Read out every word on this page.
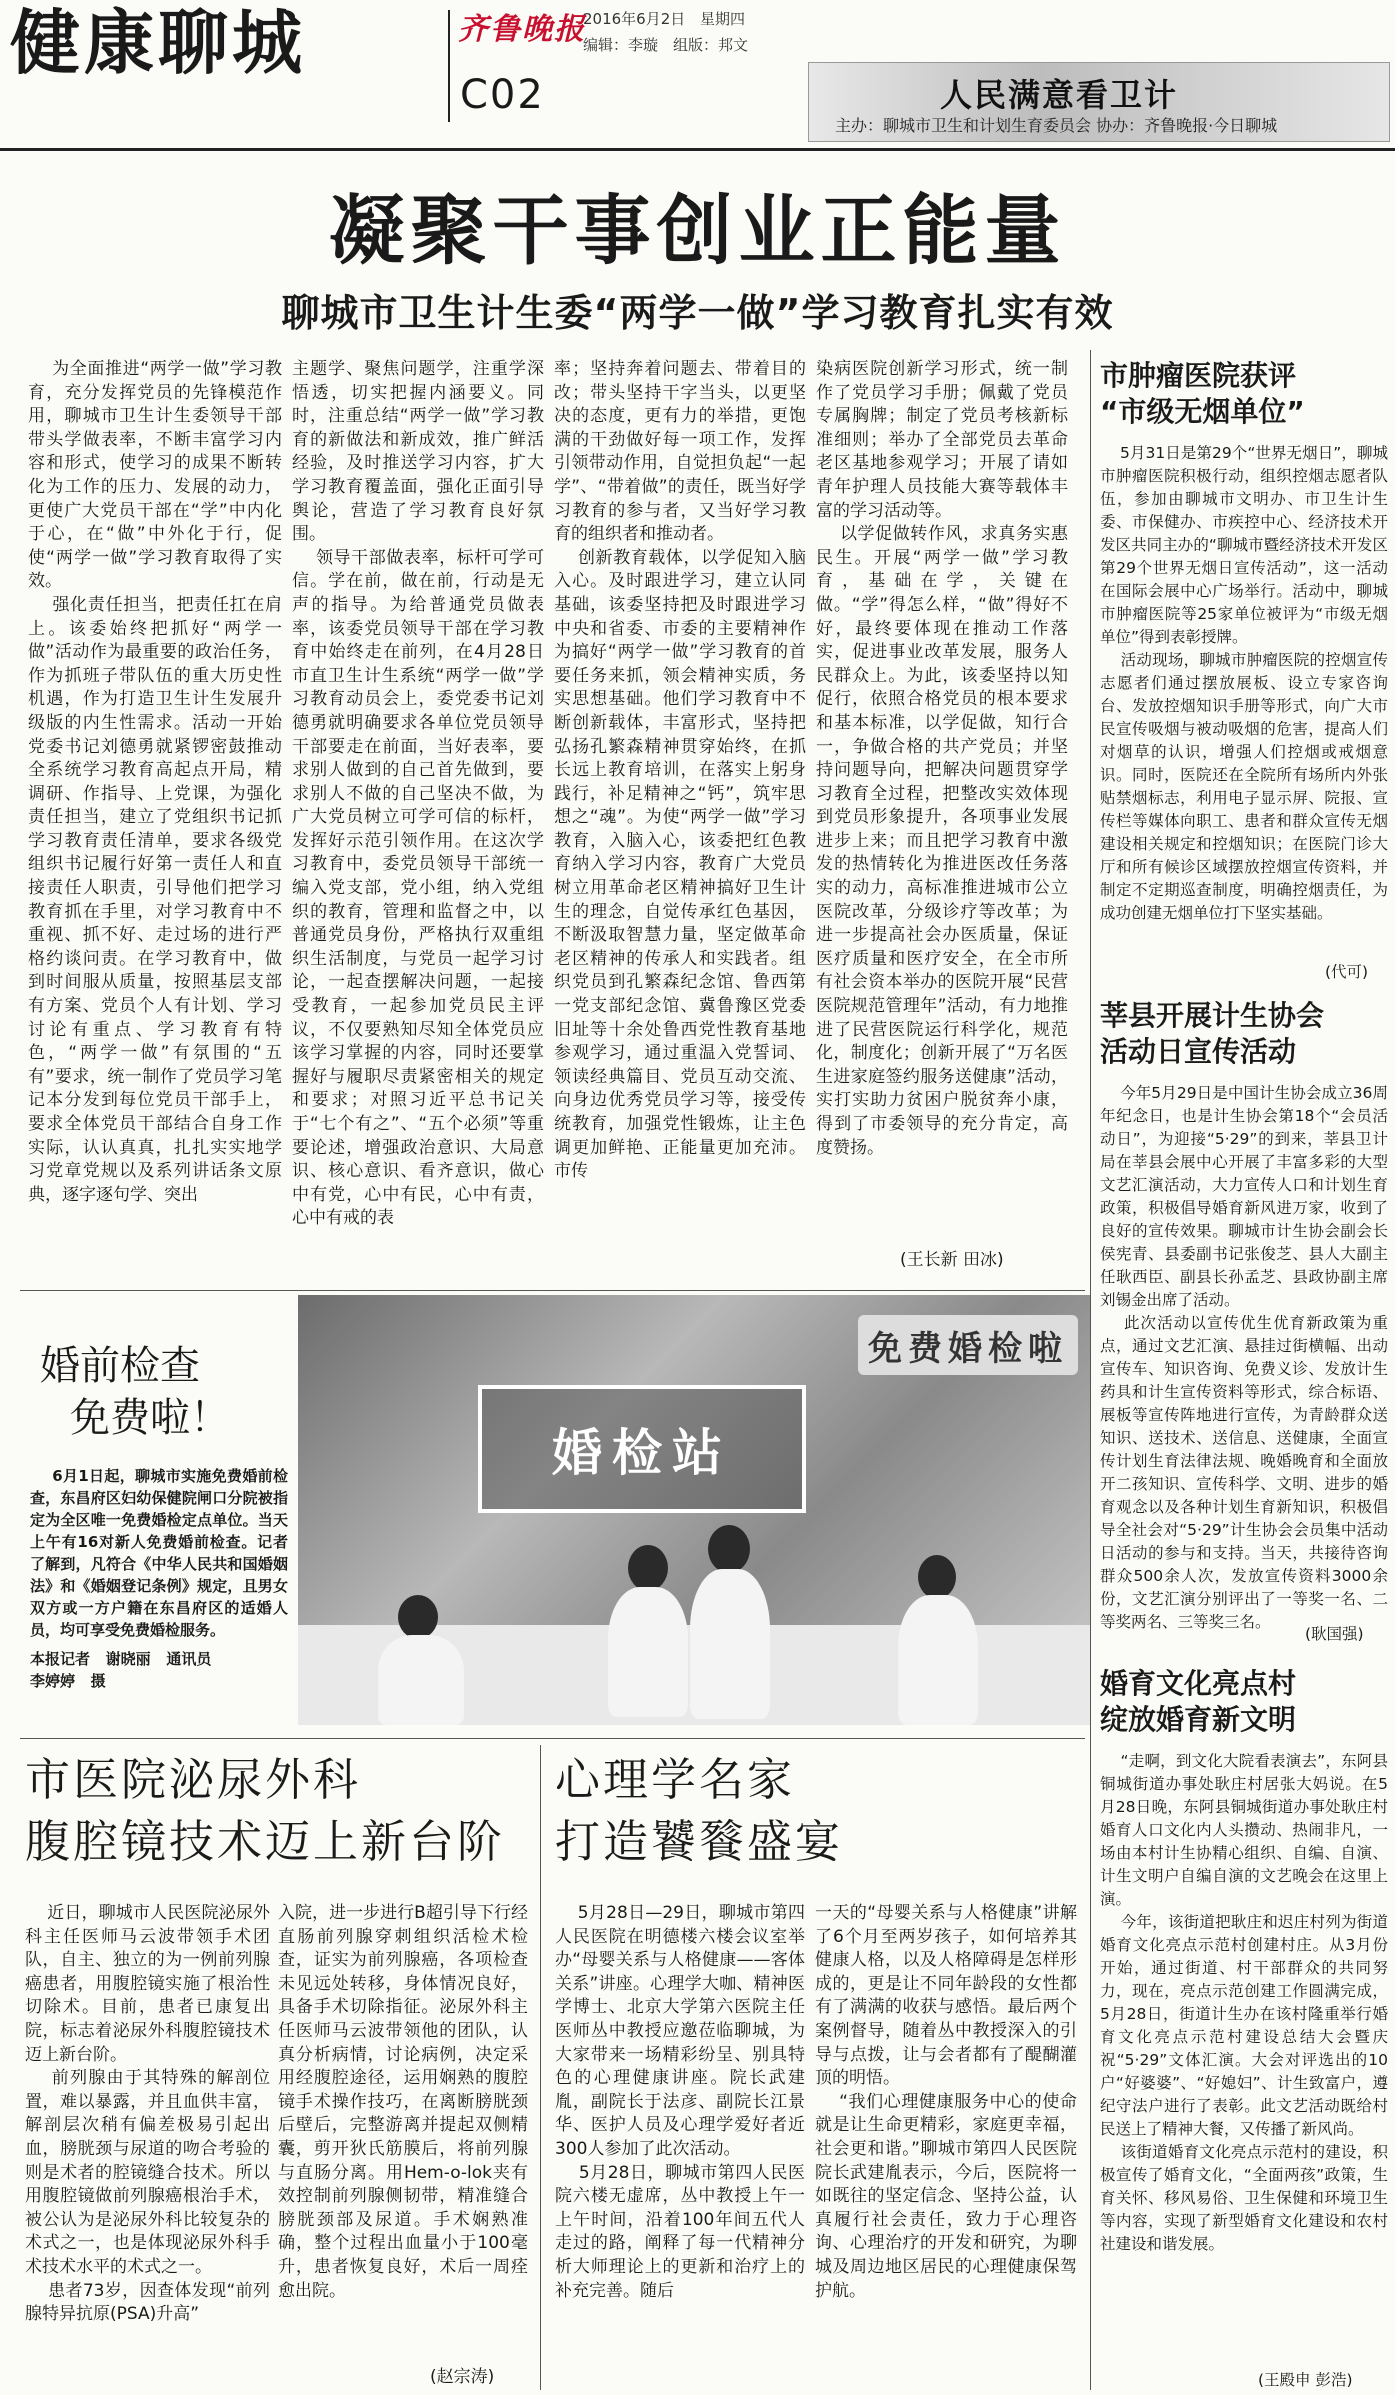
健康聊城	齐鲁晚报
2016年6月2日 星期四
编辑：李璇 组版：邦文
C02	人民满意看卫计
主办：聊城市卫生和计划生育委员会 协办：齐鲁晚报·今日聊城
凝聚干事创业正能量
聊城市卫生计生委“两学一做”学习教育扎实有效
为全面推进“两学一做”学习教育，充分发挥党员的先锋模范作用，聊城市卫生计生委领导干部带头学做表率，不断丰富学习内容和形式，使学习的成果不断转化为工作的压力、发展的动力，更使广大党员干部在“学”中内化于心，在“做”中外化于行，促使“两学一做”学习教育取得了实效。
强化责任担当，把责任扛在肩上。该委始终把抓好“两学一做”活动作为最重要的政治任务，作为抓班子带队伍的重大历史性机遇，作为打造卫生计生发展升级版的内生性需求。活动一开始党委书记刘德勇就紧锣密鼓推动全系统学习教育高起点开局，精调研、作指导、上党课，为强化责任担当，建立了党组织书记抓学习教育责任清单，要求各级党组织书记履行好第一责任人和直接责任人职责，引导他们把学习教育抓在手里，对学习教育中不重视、抓不好、走过场的进行严格约谈问责。在学习教育中，做到时间服从质量，按照基层支部有方案、党员个人有计划、学习讨论有重点、学习教育有特色，“两学一做”有氛围的“五有”要求，统一制作了党员学习笔记本分发到每位党员干部手上，要求全体党员干部结合自身工作实际，认认真真，扎扎实实地学习党章党规以及系列讲话条文原典，逐字逐句学、突出
主题学、聚焦问题学，注重学深悟透，切实把握内涵要义。同时，注重总结“两学一做”学习教育的新做法和新成效，推广鲜活经验，及时推送学习内容，扩大学习教育覆盖面，强化正面引导舆论，营造了学习教育良好氛围。
领导干部做表率，标杆可学可信。学在前，做在前，行动是无声的指导。为给普通党员做表率，该委党员领导干部在学习教育中始终走在前列，在4月28日市直卫生计生系统“两学一做”学习教育动员会上，委党委书记刘德勇就明确要求各单位党员领导干部要走在前面，当好表率，要求别人做到的自己首先做到，要求别人不做的自己坚决不做，为广大党员树立可学可信的标杆，发挥好示范引领作用。在这次学习教育中，委党员领导干部统一编入党支部，党小组，纳入党组织的教育，管理和监督之中，以普通党员身份，严格执行双重组织生活制度，与党员一起学习讨论，一起查摆解决问题，一起接受教育，一起参加党员民主评议，不仅要熟知尽知全体党员应该学习掌握的内容，同时还要掌握好与履职尽责紧密相关的规定和要求；对照习近平总书记关于“七个有之”、“五个必须”等重要论述，增强政治意识、大局意识、核心意识、看齐意识，做心中有党，心中有民，心中有责，心中有戒的表
率；坚持奔着问题去、带着目的改；带头坚持干字当头，以更坚决的态度，更有力的举措，更饱满的干劲做好每一项工作，发挥引领带动作用，自觉担负起“一起学”、“带着做”的责任，既当好学习教育的参与者，又当好学习教育的组织者和推动者。
创新教育载体，以学促知入脑入心。及时跟进学习，建立认同基础，该委坚持把及时跟进学习中央和省委、市委的主要精神作为搞好“两学一做”学习教育的首要任务来抓，领会精神实质，务实思想基础。他们学习教育中不断创新载体，丰富形式，坚持把弘扬孔繁森精神贯穿始终，在抓长远上教育培训，在落实上躬身践行，补足精神之“钙”，筑牢思想之“魂”。为使“两学一做”学习教育，入脑入心，该委把红色教育纳入学习内容，教育广大党员树立用革命老区精神搞好卫生计生的理念，自觉传承红色基因，不断汲取智慧力量，坚定做革命老区精神的传承人和实践者。组织党员到孔繁森纪念馆、鲁西第一党支部纪念馆、冀鲁豫区党委旧址等十余处鲁西党性教育基地参观学习，通过重温入党誓词、领读经典篇目、党员互动交流、向身边优秀党员学习等，接受传统教育，加强党性锻炼，让主色调更加鲜艳、正能量更加充沛。市传
染病医院创新学习形式，统一制作了党员学习手册；佩戴了党员专属胸牌；制定了党员考核新标准细则；举办了全部党员去革命老区基地参观学习；开展了请如青年护理人员技能大赛等载体丰富的学习活动等。
以学促做转作风，求真务实惠民生。开展“两学一做”学习教育，基础在学，关键在做。“学”得怎么样，“做”得好不好，最终要体现在推动工作落实，促进事业改革发展，服务人民群众上。为此，该委坚持以知促行，依照合格党员的根本要求和基本标准，以学促做，知行合一，争做合格的共产党员；并坚持问题导向，把解决问题贯穿学习教育全过程，把整改实效体现到党员形象提升，各项事业发展进步上来；而且把学习教育中激发的热情转化为推进医改任务落实的动力，高标准推进城市公立医院改革，分级诊疗等改革；为进一步提高社会办医质量，保证医疗质量和医疗安全，在全市所有社会资本举办的医院开展“民营医院规范管理年”活动，有力地推进了民营医院运行科学化，规范化，制度化；创新开展了“万名医生进家庭签约服务送健康”活动，实打实助力贫困户脱贫奔小康，得到了市委领导的充分肯定，高度赞扬。
(王长新 田冰)
市肿瘤医院获评
“市级无烟单位”
5月31日是第29个“世界无烟日”，聊城市肿瘤医院积极行动，组织控烟志愿者队伍，参加由聊城市文明办、市卫生计生委、市保健办、市疾控中心、经济技术开发区共同主办的“聊城市暨经济技术开发区第29个世界无烟日宣传活动”，这一活动在国际会展中心广场举行。活动中，聊城市肿瘤医院等25家单位被评为“市级无烟单位”得到表彰授牌。
活动现场，聊城市肿瘤医院的控烟宣传志愿者们通过摆放展板、设立专家咨询台、发放控烟知识手册等形式，向广大市民宣传吸烟与被动吸烟的危害，提高人们对烟草的认识，增强人们控烟或戒烟意识。同时，医院还在全院所有场所内外张贴禁烟标志，利用电子显示屏、院报、宣传栏等媒体向职工、患者和群众宣传无烟建设相关规定和控烟知识；在医院门诊大厅和所有候诊区域摆放控烟宣传资料，并制定不定期巡查制度，明确控烟责任，为成功创建无烟单位打下坚实基础。
(代可)
莘县开展计生协会
活动日宣传活动
今年5月29日是中国计生协会成立36周年纪念日，也是计生协会第18个“会员活动日”，为迎接“5·29”的到来，莘县卫计局在莘县会展中心开展了丰富多彩的大型文艺汇演活动，大力宣传人口和计划生育政策，积极倡导婚育新风进万家，收到了良好的宣传效果。聊城市计生协会副会长侯宪青、县委副书记张俊芝、县人大副主任耿西臣、副县长孙孟芝、县政协副主席刘锡金出席了活动。
此次活动以宣传优生优育新政策为重点，通过文艺汇演、悬挂过街横幅、出动宣传车、知识咨询、免费义诊、发放计生药具和计生宣传资料等形式，综合标语、展板等宣传阵地进行宣传，为青龄群众送知识、送技术、送信息、送健康，全面宣传计划生育法律法规、晚婚晚育和全面放开二孩知识、宣传科学、文明、进步的婚育观念以及各种计划生育新知识，积极倡导全社会对“5·29”计生协会会员集中活动日活动的参与和支持。当天，共接待咨询群众500余人次，发放宣传资料3000余份，文艺汇演分别评出了一等奖一名、二等奖两名、三等奖三名。
(耿国强)
婚育文化亮点村
绽放婚育新文明
“走啊，到文化大院看表演去”，东阿县铜城街道办事处耿庄村居张大妈说。在5月28日晚，东阿县铜城街道办事处耿庄村婚育人口文化内人头攒动、热闹非凡，一场由本村计生协精心组织、自编、自演、计生文明户自编自演的文艺晚会在这里上演。
今年，该街道把耿庄和迟庄村列为街道婚育文化亮点示范村创建村庄。从3月份开始，通过街道、村干部群众的共同努力，现在，亮点示范创建工作圆满完成，5月28日，街道计生办在该村隆重举行婚育文化亮点示范村建设总结大会暨庆祝“5·29”文体汇演。大会对评选出的10户“好婆婆”、“好媳妇”、计生致富户，遵纪守法户进行了表彰。此文艺活动既给村民送上了精神大餐，又传播了新风尚。
该街道婚育文化亮点示范村的建设，积极宣传了婚育文化，“全面两孩”政策，生育关怀、移风易俗、卫生保健和环境卫生等内容，实现了新型婚育文化建设和农村社建设和谐发展。
(王殿申 彭浩)
婚前检查
免费啦！
6月1日起，聊城市实施免费婚前检查，东昌府区妇幼保健院闸口分院被指定为全区唯一免费婚检定点单位。当天上午有16对新人免费婚前检查。记者了解到，凡符合《中华人民共和国婚姻法》和《婚姻登记条例》规定，且男女双方或一方户籍在东昌府区的适婚人员，均可享受免费婚检服务。
本报记者   谢晓丽   通讯员
李婷婷   摄
免费婚检啦
婚检站
市医院泌尿外科
腹腔镜技术迈上新台阶
近日，聊城市人民医院泌尿外科主任医师马云波带领手术团队，自主、独立的为一例前列腺癌患者，用腹腔镜实施了根治性切除术。目前，患者已康复出院，标志着泌尿外科腹腔镜技术迈上新台阶。
前列腺由于其特殊的解剖位置，难以暴露，并且血供丰富，解剖层次稍有偏差极易引起出血，膀胱颈与尿道的吻合考验的则是术者的腔镜缝合技术。所以用腹腔镜做前列腺癌根治手术，被公认为是泌尿外科比较复杂的术式之一，也是体现泌尿外科手术技术水平的术式之一。
患者73岁，因查体发现“前列腺特异抗原(PSA)升高”
入院，进一步进行B超引导下行经直肠前列腺穿刺组织活检术检查，证实为前列腺癌，各项检查未见远处转移，身体情况良好，具备手术切除指征。泌尿外科主任医师马云波带领他的团队，认真分析病情，讨论病例，决定采用经腹腔途径，运用娴熟的腹腔镜手术操作技巧，在离断膀胱颈后壁后，完整游离并提起双侧精囊，剪开狄氏筋膜后，将前列腺与直肠分离。用Hem-o-lok夹有效控制前列腺侧韧带，精准缝合膀胱颈部及尿道。手术娴熟准确，整个过程出血量小于100毫升，患者恢复良好，术后一周痊愈出院。
(赵宗涛)
心理学名家
打造饕餮盛宴
5月28日—29日，聊城市第四人民医院在明德楼六楼会议室举办“母婴关系与人格健康——客体关系”讲座。心理学大咖、精神医学博士、北京大学第六医院主任医师丛中教授应邀莅临聊城，为大家带来一场精彩纷呈、别具特色的心理健康讲座。院长武建胤，副院长于法彦、副院长江景华、医护人员及心理学爱好者近300人参加了此次活动。
5月28日，聊城市第四人民医院六楼无虚席，丛中教授上午一上午时间，沿着100年间五代人走过的路，阐释了每一代精神分析大师理论上的更新和治疗上的补充完善。随后
一天的“母婴关系与人格健康”讲解了6个月至两岁孩子，如何培养其健康人格，以及人格障碍是怎样形成的，更是让不同年龄段的女性都有了满满的收获与感悟。最后两个案例督导，随着丛中教授深入的引导与点拨，让与会者都有了醍醐灌顶的明悟。
“我们心理健康服务中心的使命就是让生命更精彩，家庭更幸福，社会更和谐。”聊城市第四人民医院院长武建胤表示，今后，医院将一如既往的坚定信念、坚持公益，认真履行社会责任，致力于心理咨询、心理治疗的开发和研究，为聊城及周边地区居民的心理健康保驾护航。
